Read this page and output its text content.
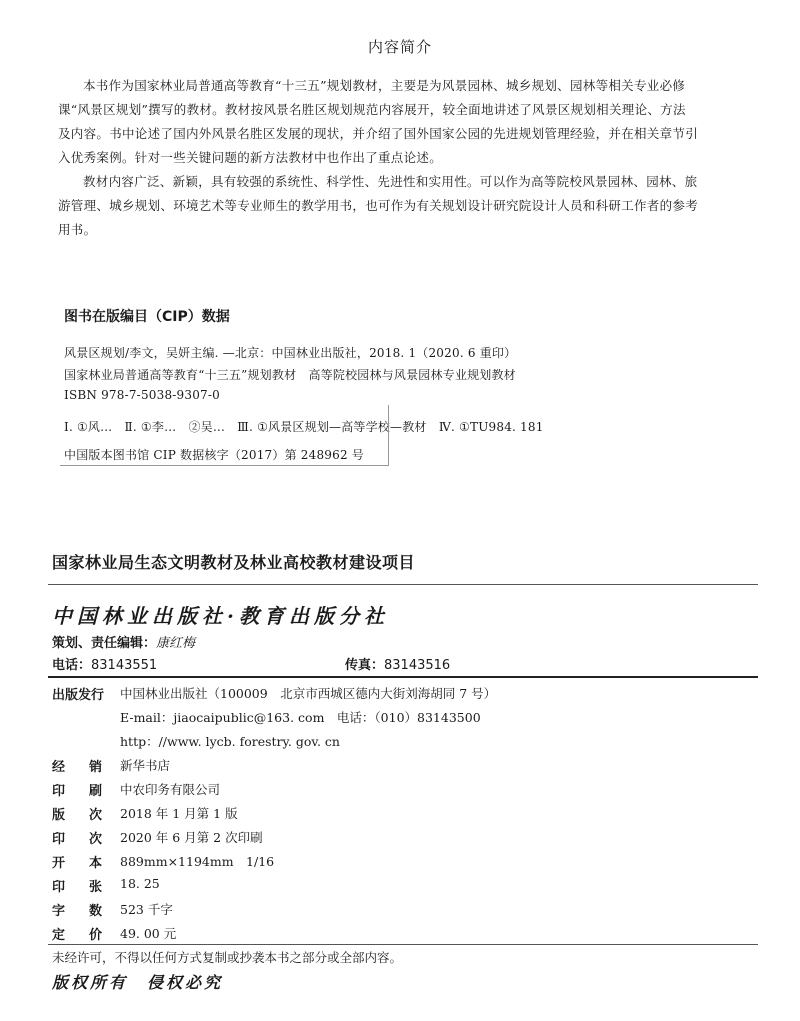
内容简介
本书作为国家林业局普通高等教育“十三五”规划教材，主要是为风景园林、城乡规划、园林等相关专业必修课“风景区规划”撰写的教材。教材按风景名胜区规划规范内容展开，较全面地讲述了风景区规划相关理论、方法及内容。书中论述了国内外风景名胜区发展的现状，并介绍了国外国家公园的先进规划管理经验，并在相关章节引入优秀案例。针对一些关键问题的新方法教材中也作出了重点论述。
教材内容广泛、新颖，具有较强的系统性、科学性、先进性和实用性。可以作为高等院校风景园林、园林、旅游管理、城乡规划、环境艺术等专业师生的教学用书，也可作为有关规划设计研究院设计人员和科研工作者的参考用书。
图书在版编目（CIP）数据
风景区规划/李文，吴妍主编. —北京：中国林业出版社，2018. 1（2020. 6 重印）
国家林业局普通高等教育“十三五”规划教材　高等院校园林与风景园林专业规划教材
ISBN 978-7-5038-9307-0
Ⅰ. ①风…　Ⅱ. ①李…　②吴…　Ⅲ. ①风景区规划—高等学校—教材　Ⅳ. ①TU984. 181
中国版本图书馆 CIP 数据核字（2017）第 248962 号
国家林业局生态文明教材及林业高校教材建设项目
中国林业出版社·教育出版分社
策划、责任编辑：康红梅
电话：83143551	传真：83143516
出版发行 中国林业出版社（100009　北京市西城区德内大街刘海胡同 7 号）
E-mail：jiaocaipublic@163. com　电话：（010）83143500
http：//www. lycb. forestry. gov. cn
经销
新华书店
印刷
中农印务有限公司
版次
2018 年 1 月第 1 版
印次
2020 年 6 月第 2 次印刷
开本
889mm×1194mm　1/16
印张
18. 25
字数
523 千字
定价
49. 00 元
未经许可，不得以任何方式复制或抄袭本书之部分或全部内容。
版权所有　侵权必究
